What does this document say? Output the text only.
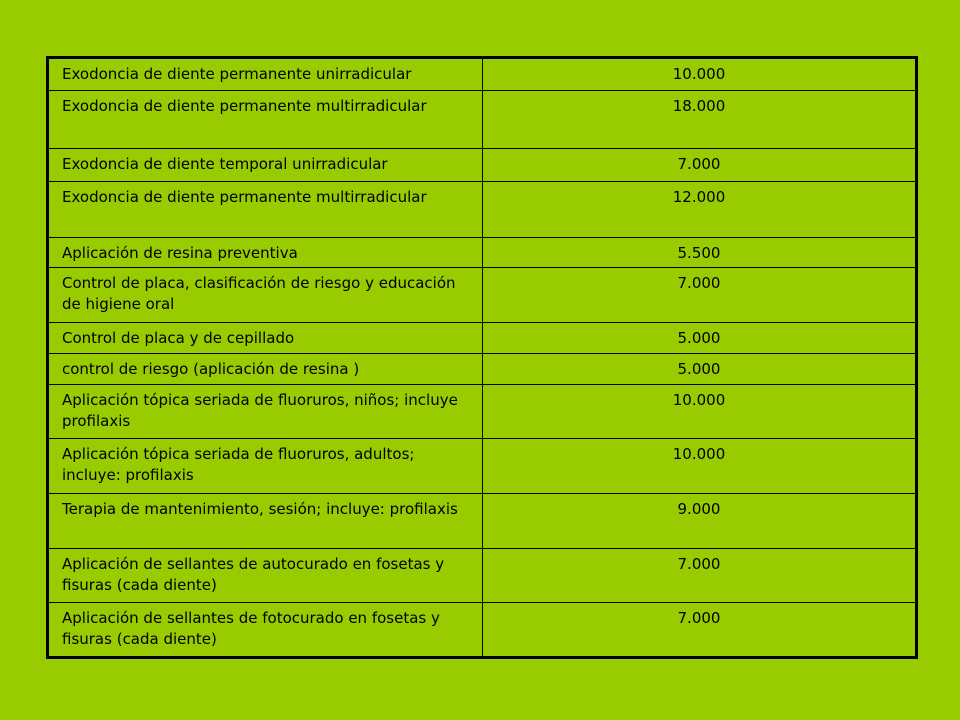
Exodoncia de diente permanente unirradicular	10.000
Exodoncia de diente permanente multirradicular	18.000
Exodoncia de diente temporal unirradicular	7.000
Exodoncia de diente permanente multirradicular	12.000
Aplicación de resina preventiva	5.500
Control de placa, clasificación de riesgo y educación de higiene oral	7.000
Control de placa y de cepillado	5.000
control de riesgo (aplicación de resina )	5.000
Aplicación tópica seriada de fluoruros, niños; incluye profilaxis	10.000
Aplicación tópica seriada de fluoruros, adultos; incluye: profilaxis	10.000
Terapia de mantenimiento, sesión; incluye: profilaxis	9.000
Aplicación de sellantes de autocurado en fosetas y fisuras (cada diente)	7.000
Aplicación de sellantes de fotocurado en fosetas y fisuras (cada diente)	7.000
